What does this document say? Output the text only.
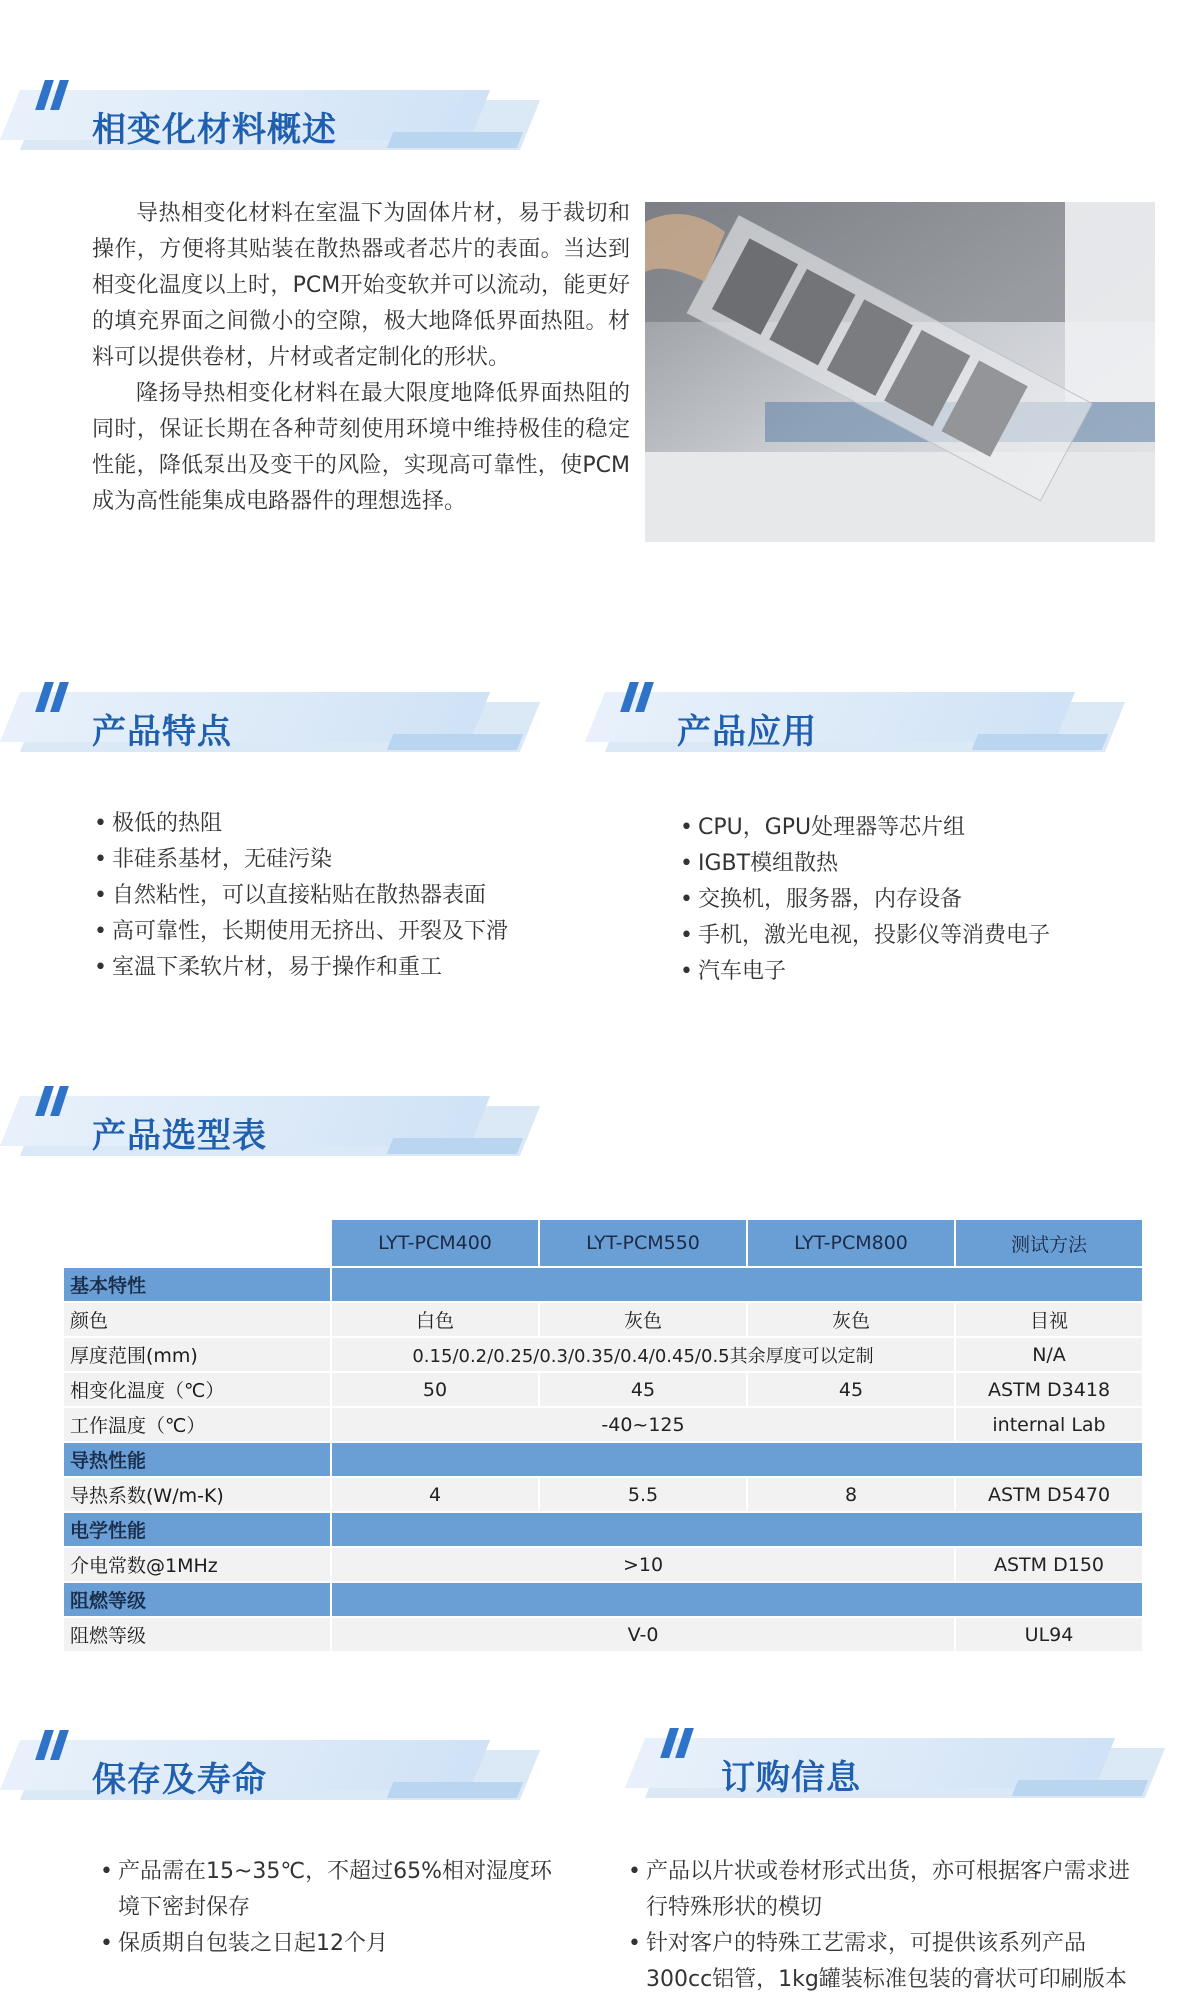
相变化材料概述
导热相变化材料在室温下为固体片材，易于裁切和操作，方便将其贴装在散热器或者芯片的表面。当达到相变化温度以上时，PCM开始变软并可以流动，能更好的填充界面之间微小的空隙，极大地降低界面热阻。材料可以提供卷材，片材或者定制化的形状。
隆扬导热相变化材料在最大限度地降低界面热阻的同时，保证长期在各种苛刻使用环境中维持极佳的稳定性能，降低泵出及变干的风险，实现高可靠性，使PCM成为高性能集成电路器件的理想选择。
产品特点	产品应用
• 极低的热阻
• 非硅系基材，无硅污染
• 自然粘性，可以直接粘贴在散热器表面
• 高可靠性，长期使用无挤出、开裂及下滑
• 室温下柔软片材，易于操作和重工
• CPU，GPU处理器等芯片组
• IGBT模组散热
• 交换机，服务器，内存设备
• 手机，激光电视，投影仪等消费电子
• 汽车电子
产品选型表
	LYT-PCM400	LYT-PCM550	LYT-PCM800	测试方法
基本特性				
颜色	白色	灰色	灰色	目视
厚度范围(mm)	0.15/0.2/0.25/0.3/0.35/0.4/0.45/0.5其余厚度可以定制			N/A
相变化温度（℃）	50	45	45	ASTM D3418
工作温度（℃）	-40~125			internal Lab
导热性能				
导热系数(W/m-K)	4	5.5	8	ASTM D5470
电学性能				
介电常数@1MHz	>10			ASTM D150
阻燃等级				
阻燃等级	V-0			UL94
保存及寿命	订购信息
• 产品需在15~35℃，不超过65%相对湿度环境下密封保存
• 保质期自包装之日起12个月
• 产品以片状或卷材形式出货，亦可根据客户需求进行特殊形状的模切
• 针对客户的特殊工艺需求，可提供该系列产品300cc铝管，1kg罐装标准包装的膏状可印刷版本
